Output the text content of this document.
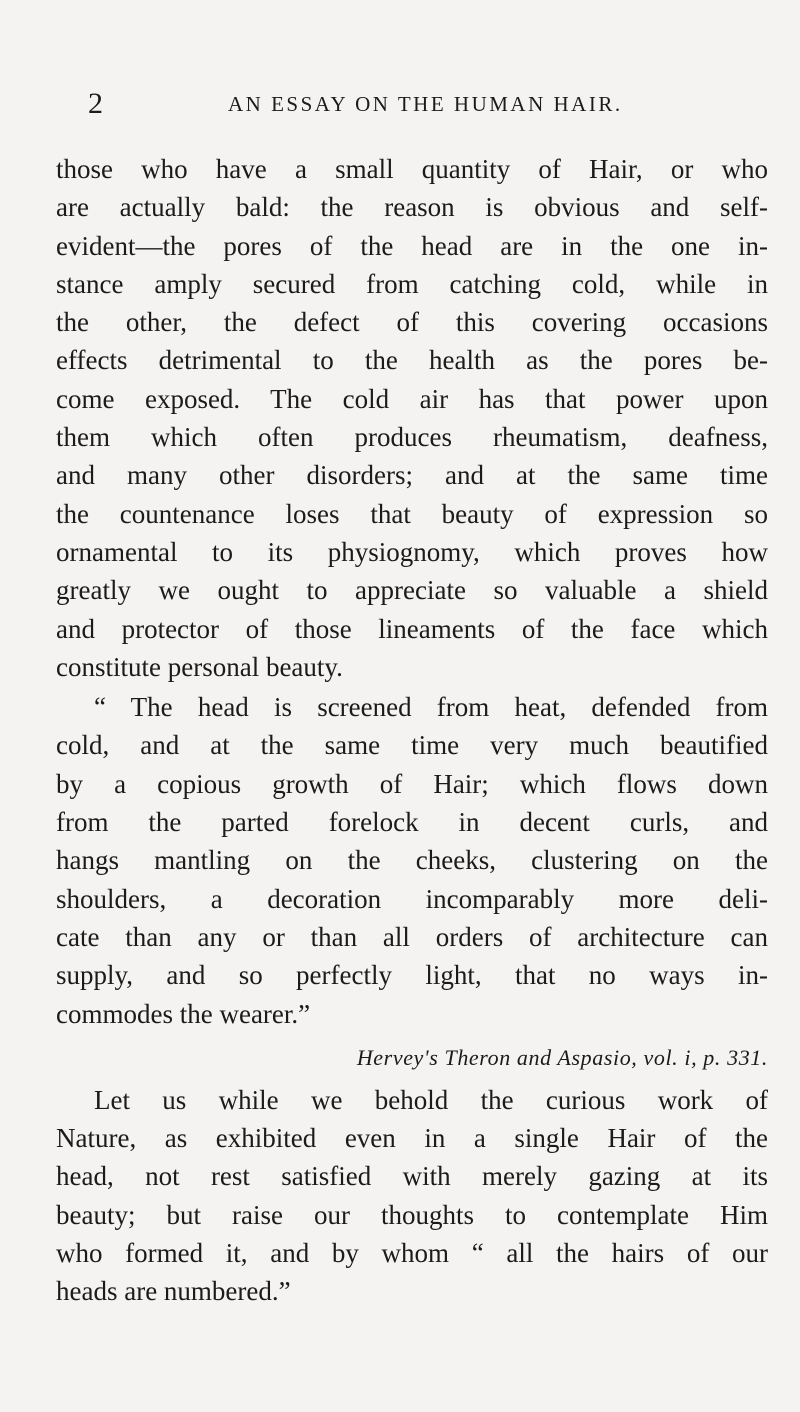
2	AN ESSAY ON THE HUMAN HAIR.
those who have a small quantity of Hair, or who
are actually bald: the reason is obvious and self-
evident—the pores of the head are in the one in-
stance amply secured from catching cold, while in
the other, the defect of this covering occasions
effects detrimental to the health as the pores be-
come exposed. The cold air has that power upon
them which often produces rheumatism, deafness,
and many other disorders; and at the same time
the countenance loses that beauty of expression so
ornamental to its physiognomy, which proves how
greatly we ought to appreciate so valuable a shield
and protector of those lineaments of the face which
constitute personal beauty.
“ The head is screened from heat, defended from
cold, and at the same time very much beautified
by a copious growth of Hair; which flows down
from the parted forelock in decent curls, and
hangs mantling on the cheeks, clustering on the
shoulders, a decoration incomparably more deli-
cate than any or than all orders of architecture can
supply, and so perfectly light, that no ways in-
commodes the wearer.”
Hervey's Theron and Aspasio, vol. i, p. 331.
Let us while we behold the curious work of
Nature, as exhibited even in a single Hair of the
head, not rest satisfied with merely gazing at its
beauty; but raise our thoughts to contemplate Him
who formed it, and by whom “ all the hairs of our
heads are numbered.”
